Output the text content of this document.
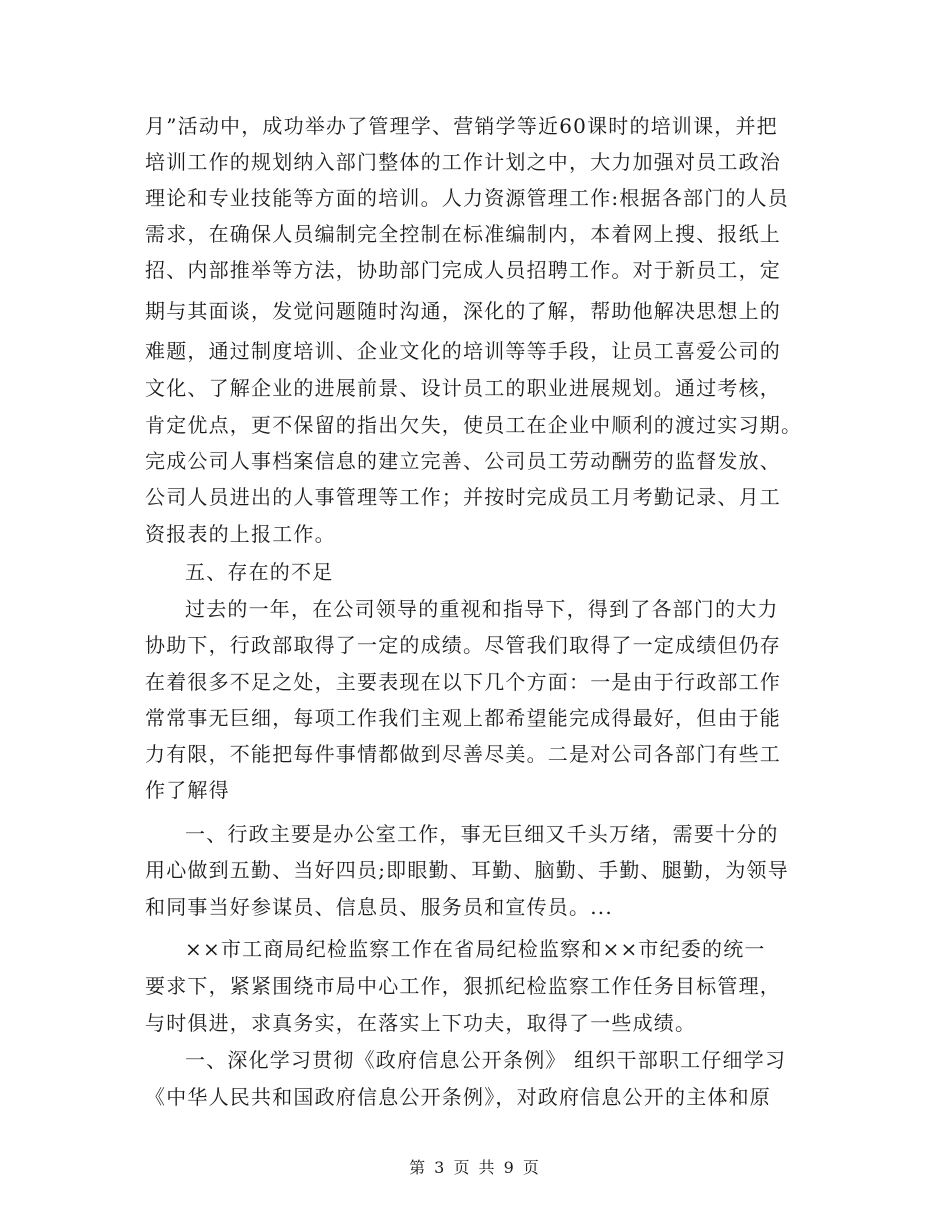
月”活动中，成功举办了管理学、营销学等近60课时的培训课，并把
培训工作的规划纳入部门整体的工作计划之中，大力加强对员工政治
理论和专业技能等方面的培训。人力资源管理工作:根据各部门的人员
需求，在确保人员编制完全控制在标准编制内，本着网上搜、报纸上
招、内部推举等方法，协助部门完成人员招聘工作。对于新员工，定
期与其面谈，发觉问题随时沟通，深化的了解，帮助他解决思想上的
难题，通过制度培训、企业文化的培训等等手段，让员工喜爱公司的
文化、了解企业的进展前景、设计员工的职业进展规划。通过考核，
肯定优点，更不保留的指出欠失，使员工在企业中顺利的渡过实习期。
完成公司人事档案信息的建立完善、公司员工劳动酬劳的监督发放、
公司人员进出的人事管理等工作；并按时完成员工月考勤记录、月工
资报表的上报工作。
五、存在的不足
过去的一年，在公司领导的重视和指导下，得到了各部门的大力
协助下，行政部取得了一定的成绩。尽管我们取得了一定成绩但仍存
在着很多不足之处，主要表现在以下几个方面：一是由于行政部工作
常常事无巨细，每项工作我们主观上都希望能完成得最好，但由于能
力有限，不能把每件事情都做到尽善尽美。二是对公司各部门有些工
作了解得
一、行政主要是办公室工作，事无巨细又千头万绪，需要十分的
用心做到五勤、当好四员;即眼勤、耳勤、脑勤、手勤、腿勤，为领导
和同事当好参谋员、信息员、服务员和宣传员。...
××市工商局纪检监察工作在省局纪检监察和××市纪委的统一
要求下，紧紧围绕市局中心工作，狠抓纪检监察工作任务目标管理，
与时俱进，求真务实，在落实上下功夫，取得了一些成绩。
一、深化学习贯彻《政府信息公开条例》 组织干部职工仔细学习
《中华人民共和国政府信息公开条例》，对政府信息公开的主体和原
第 3 页 共 9 页
